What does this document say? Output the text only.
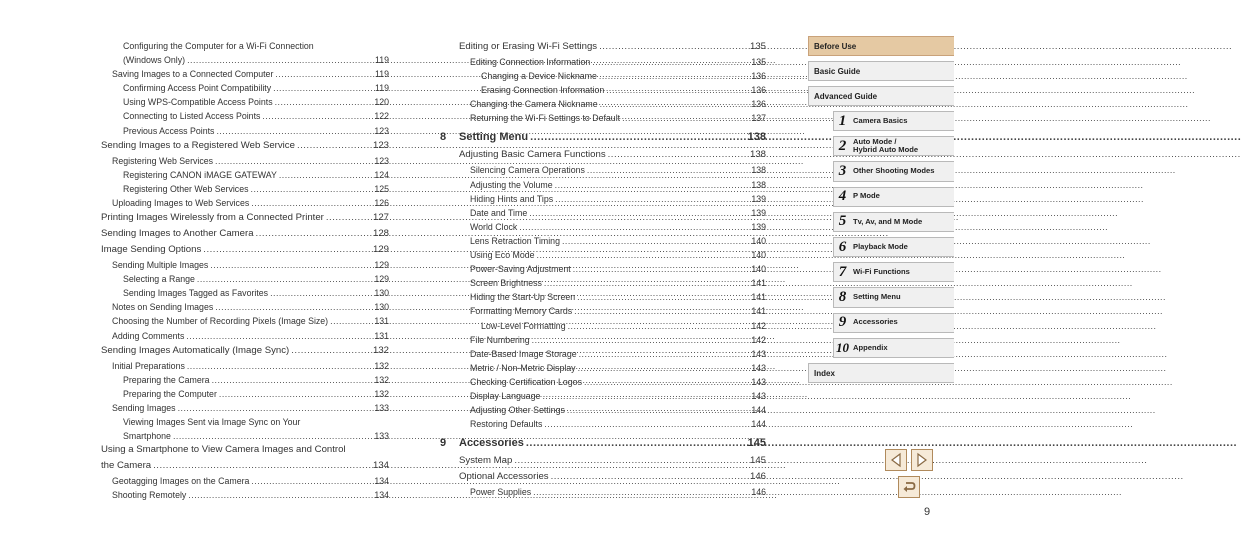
Configuring the Computer for a Wi-Fi Connection
(Windows Only) .....	119
Saving Images to a Connected Computer .....	119
Confirming Access Point Compatibility .....	119
Using WPS-Compatible Access Points .....	120
Connecting to Listed Access Points .....	122
Previous Access Points .....	123
Sending Images to a Registered Web Service .....	123
Registering Web Services .....	123
Registering CANON iMAGE GATEWAY .....	124
Registering Other Web Services .....	125
Uploading Images to Web Services .....	126
Printing Images Wirelessly from a Connected Printer .....	127
Sending Images to Another Camera .....	128
Image Sending Options .....	129
Sending Multiple Images .....	129
Selecting a Range .....	129
Sending Images Tagged as Favorites .....	130
Notes on Sending Images .....	130
Choosing the Number of Recording Pixels (Image Size) .....	131
Adding Comments .....	131
Sending Images Automatically (Image Sync) .....	132
Initial Preparations .....	132
Preparing the Camera .....	132
Preparing the Computer .....	132
Sending Images .....	133
Viewing Images Sent via Image Sync on Your
Smartphone .....	133
Using a Smartphone to View Camera Images and Control
the Camera .....	134
Geotagging Images on the Camera .....	134
Shooting Remotely .....	134
Editing or Erasing Wi-Fi Settings .....	135
Editing Connection Information .....	135
Changing a Device Nickname .....	136
Erasing Connection Information .....	136
Changing the Camera Nickname .....	136
Returning the Wi-Fi Settings to Default .....	137
8 Setting Menu .....	138
Adjusting Basic Camera Functions .....	138
Silencing Camera Operations .....	138
Adjusting the Volume .....	138
Hiding Hints and Tips .....	139
Date and Time .....	139
World Clock .....	139
Lens Retraction Timing .....	140
Using Eco Mode .....	140
Power-Saving Adjustment .....	140
Screen Brightness .....	141
Hiding the Start-Up Screen .....	141
Formatting Memory Cards .....	141
Low-Level Formatting .....	142
File Numbering .....	142
Date-Based Image Storage .....	143
Metric / Non-Metric Display .....	143
Checking Certification Logos .....	143
Display Language .....	143
Adjusting Other Settings .....	144
Restoring Defaults .....	144
9 Accessories .....	145
System Map .....	145
Optional Accessories .....	146
Power Supplies .....	146
Before Use
Basic Guide
Advanced Guide
1 Camera Basics
2 Auto Mode /
Hybrid Auto Mode
3 Other Shooting Modes
4 P Mode
5 Tv, Av, and M Mode
6 Playback Mode
7 Wi-Fi Functions
8 Setting Menu
9 Accessories
10 Appendix
Index
9
